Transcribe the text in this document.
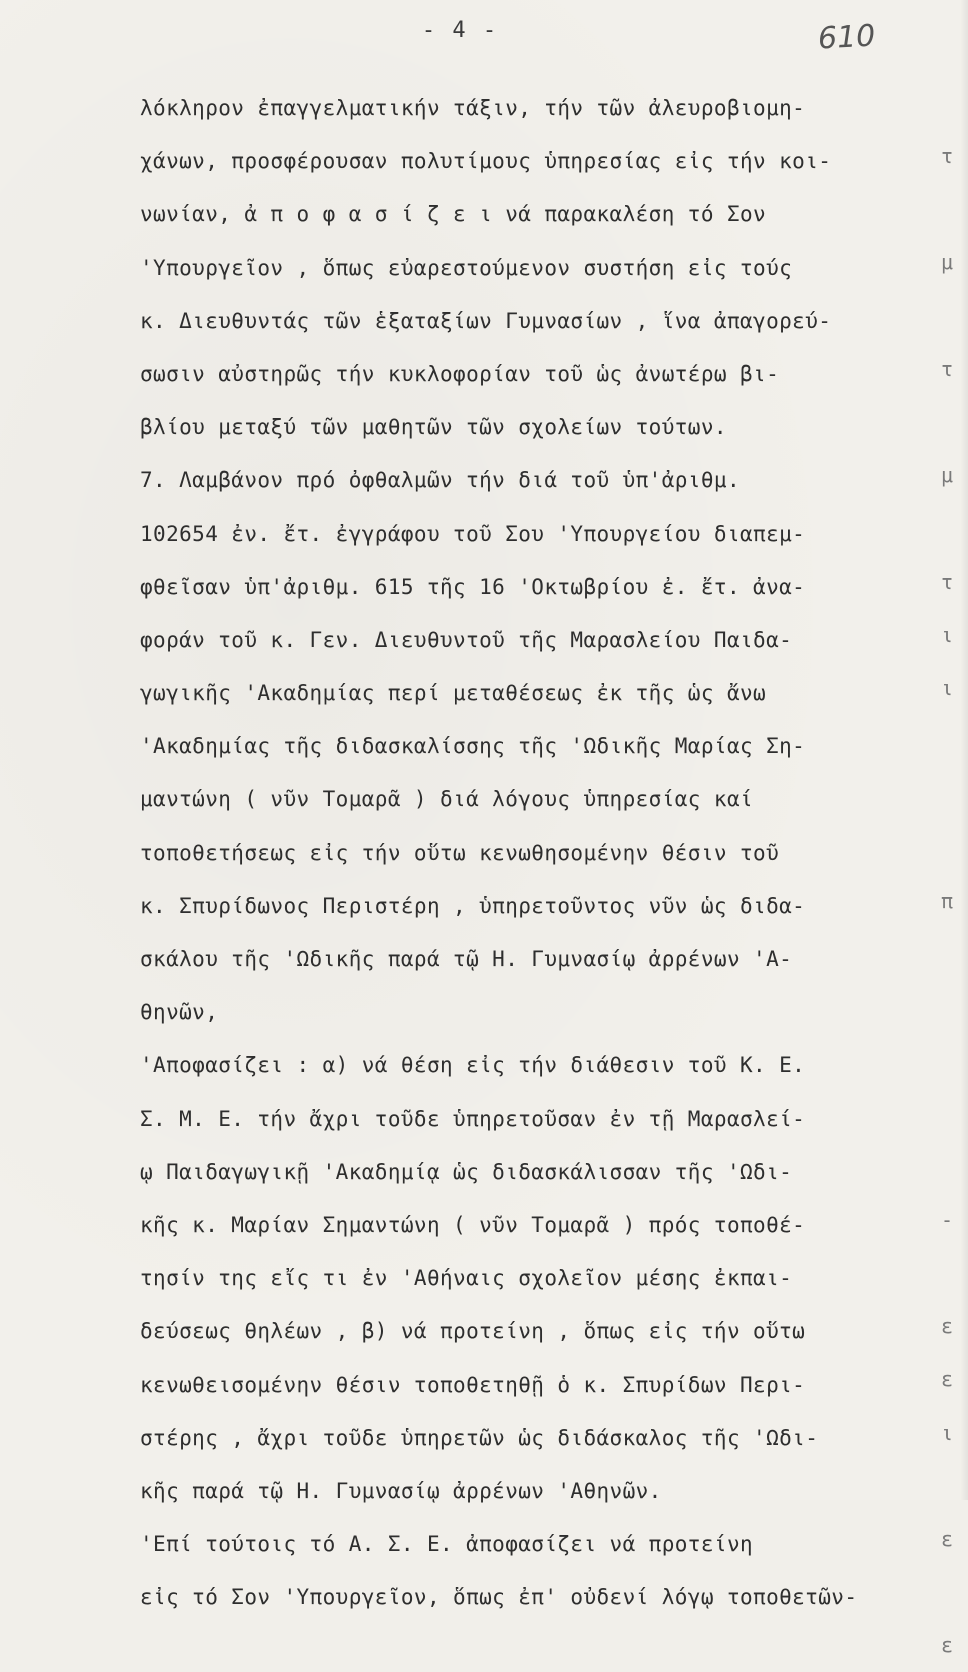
- 4 -	610
λόκληρον ἐπαγγελματικήν τάξιν, τήν τῶν ἀλευροβιομη-
χάνων, προσφέρουσαν πολυτίμους ὑπηρεσίας εἰς τήν κοι-
νωνίαν, ἀ π ο φ α σ ί ζ ε ι νά παρακαλέση τό Σον
'Υπουργεῖον , ὅπως εὐαρεστούμενον συστήση εἰς τούς
κ. Διευθυντάς τῶν ἑξαταξίων Γυμνασίων , ἵνα ἀπαγορεύ-
σωσιν αὐστηρῶς τήν κυκλοφορίαν τοῦ ὡς ἀνωτέρω βι-
βλίου μεταξύ τῶν μαθητῶν τῶν σχολείων τούτων.
7. Λαμβάνον πρό ὀφθαλμῶν τήν διά τοῦ ὑπ'ἀριθμ.
102654 ἐν. ἔτ. ἐγγράφου τοῦ Σου 'Υπουργείου διαπεμ-
φθεῖσαν ὑπ'ἀριθμ. 615 τῆς 16 'Οκτωβρίου ἐ. ἔτ. ἀνα-
φοράν τοῦ κ. Γεν. Διευθυντοῦ τῆς Μαρασλείου Παιδα-
γωγικῆς 'Ακαδημίας περί μεταθέσεως ἐκ τῆς ὡς ἄνω
'Ακαδημίας τῆς διδασκαλίσσης τῆς 'Ωδικῆς Μαρίας Ση-
μαντώνη ( νῦν Τομαρᾶ ) διά λόγους ὑπηρεσίας καί
τοποθετήσεως εἰς τήν οὕτω κενωθησομένην θέσιν τοῦ
κ. Σπυρίδωνος Περιστέρη , ὑπηρετοῦντος νῦν ὡς διδα-
σκάλου τῆς 'Ωδικῆς παρά τῷ Η. Γυμνασίῳ ἀρρένων 'Α-
θηνῶν,
'Αποφασίζει : α) νά θέση εἰς τήν διάθεσιν τοῦ Κ. Ε.
Σ. Μ. Ε. τήν ἄχρι τοῦδε ὑπηρετοῦσαν ἐν τῇ Μαρασλεί-
ῳ Παιδαγωγικῇ 'Ακαδημίᾳ ὡς διδασκάλισσαν τῆς 'Ωδι-
κῆς κ. Μαρίαν Σημαντώνη ( νῦν Τομαρᾶ ) πρός τοποθέ-
τησίν της εἴς τι ἐν 'Αθήναις σχολεῖον μέσης ἐκπαι-
δεύσεως θηλέων , β) νά προτείνη , ὅπως εἰς τήν οὕτω
κενωθεισομένην θέσιν τοποθετηθῇ ὁ κ. Σπυρίδων Περι-
στέρης , ἄχρι τοῦδε ὑπηρετῶν ὡς διδάσκαλος τῆς 'Ωδι-
κῆς παρά τῷ Η. Γυμνασίῳ ἀρρένων 'Αθηνῶν.
'Επί τούτοις τό Α. Σ. Ε. ἀποφασίζει νά προτείνη
εἰς τό Σον 'Υπουργεῖον, ὅπως ἐπ' οὐδενί λόγῳ τοποθετῶν-
τ
μ
τ
μ
τ
ι
ι
π
-
ε
ε
ι
ε
ε
